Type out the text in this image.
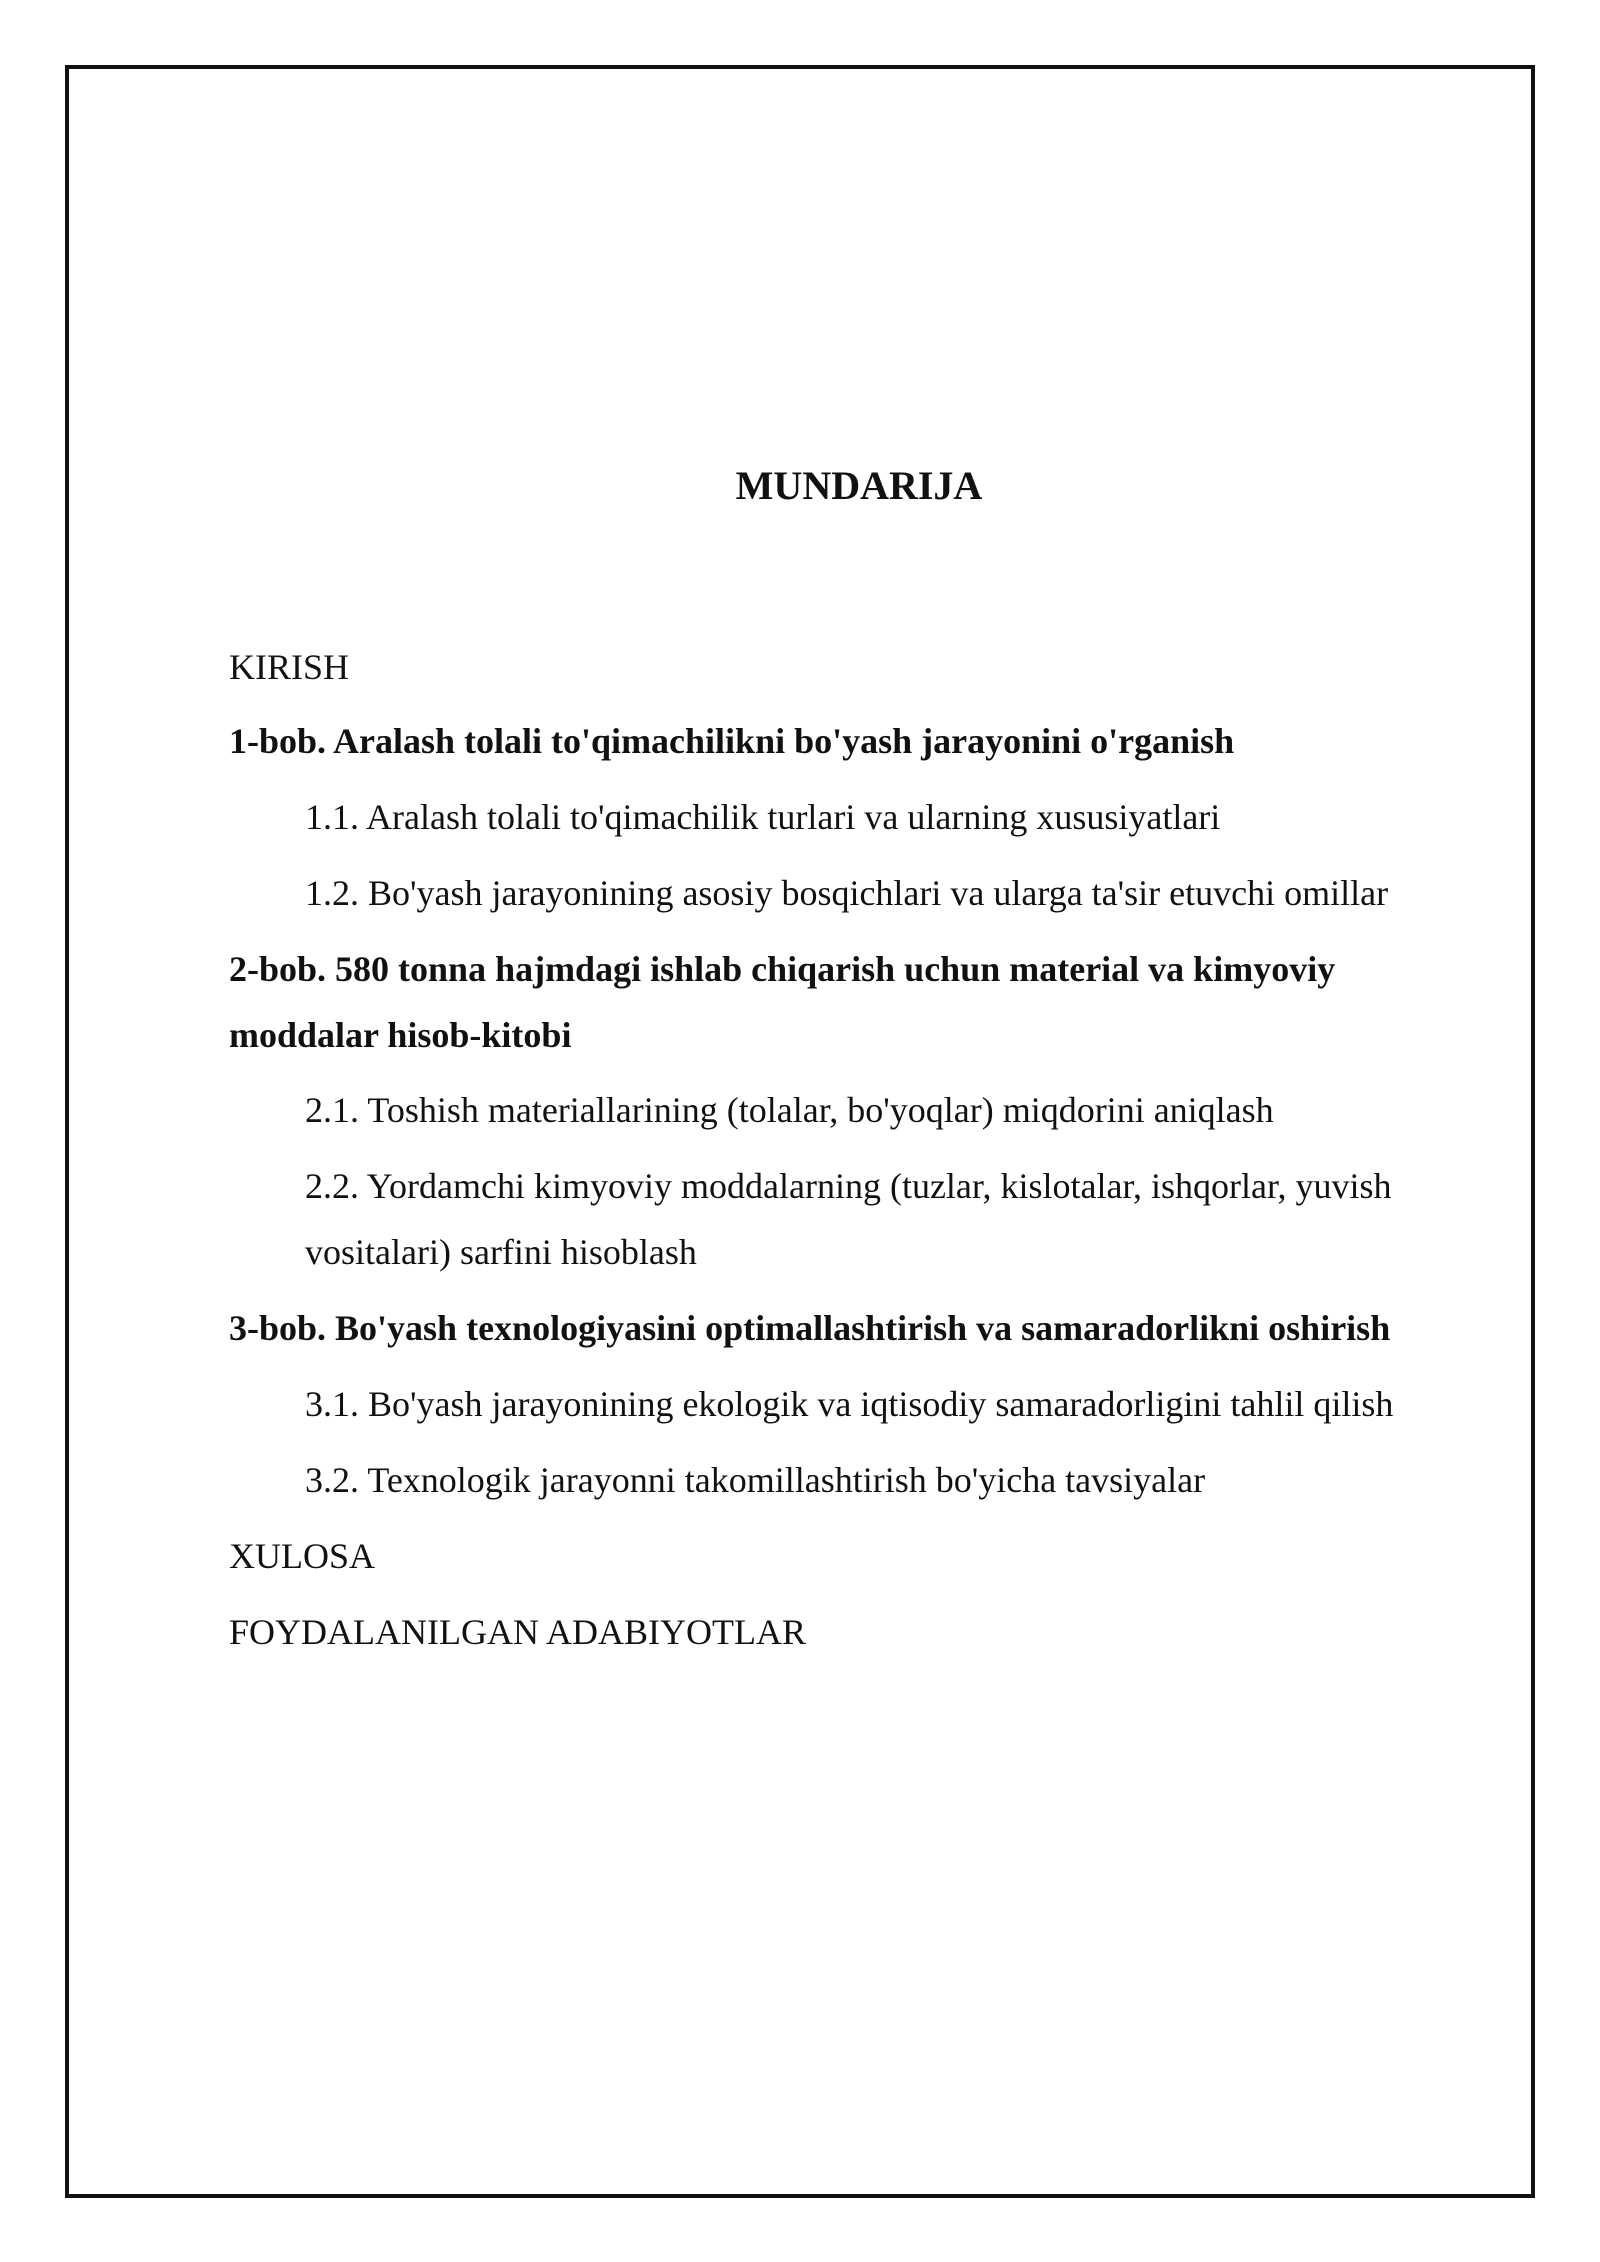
MUNDARIJA

KIRISH

1-bob. Aralash tolali to'qimachilikni bo'yash jarayonini o'rganish

1.1. Aralash tolali to'qimachilik turlari va ularning xususiyatlari

1.2. Bo'yash jarayonining asosiy bosqichlari va ularga ta'sir etuvchi omillar

2-bob. 580 tonna hajmdagi ishlab chiqarish uchun material va kimyoviy moddalar hisob-kitobi

2.1. Toshish materiallarining (tolalar, bo'yoqlar) miqdorini aniqlash

2.2. Yordamchi kimyoviy moddalarning (tuzlar, kislotalar, ishqorlar, yuvish vositalari) sarfini hisoblash

3-bob. Bo'yash texnologiyasini optimallashtirish va samaradorlikni oshirish

3.1. Bo'yash jarayonining ekologik va iqtisodiy samaradorligini tahlil qilish

3.2. Texnologik jarayonni takomillashtirish bo'yicha tavsiyalar

XULOSA

FOYDALANILGAN ADABIYOTLAR
